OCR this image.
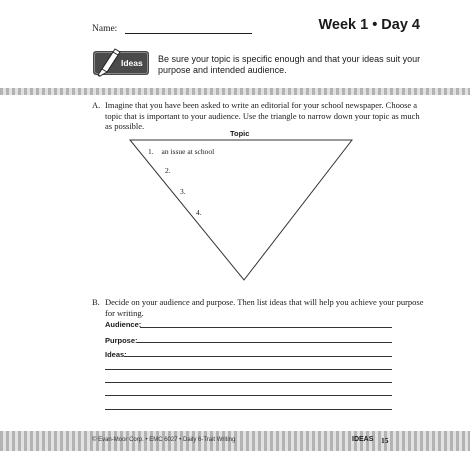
Name:	Week 1 • Day 4
Ideas Be sure your topic is specific enough and that your ideas suit your purpose and intended audience.
A. Imagine that you have been asked to write an editorial for your school newspaper. Choose a topic that is important to your audience. Use the triangle to narrow down your topic as much as possible.
Topic
1. an issue at school
2.
3.
4.
B. Decide on your audience and purpose. Then list ideas that will help you achieve your purpose for writing.
Audience:
Purpose:
Ideas:
© Evan-Moor Corp. • EMC 6027 • Daily 6-Trait Writing	IDEAS 15
